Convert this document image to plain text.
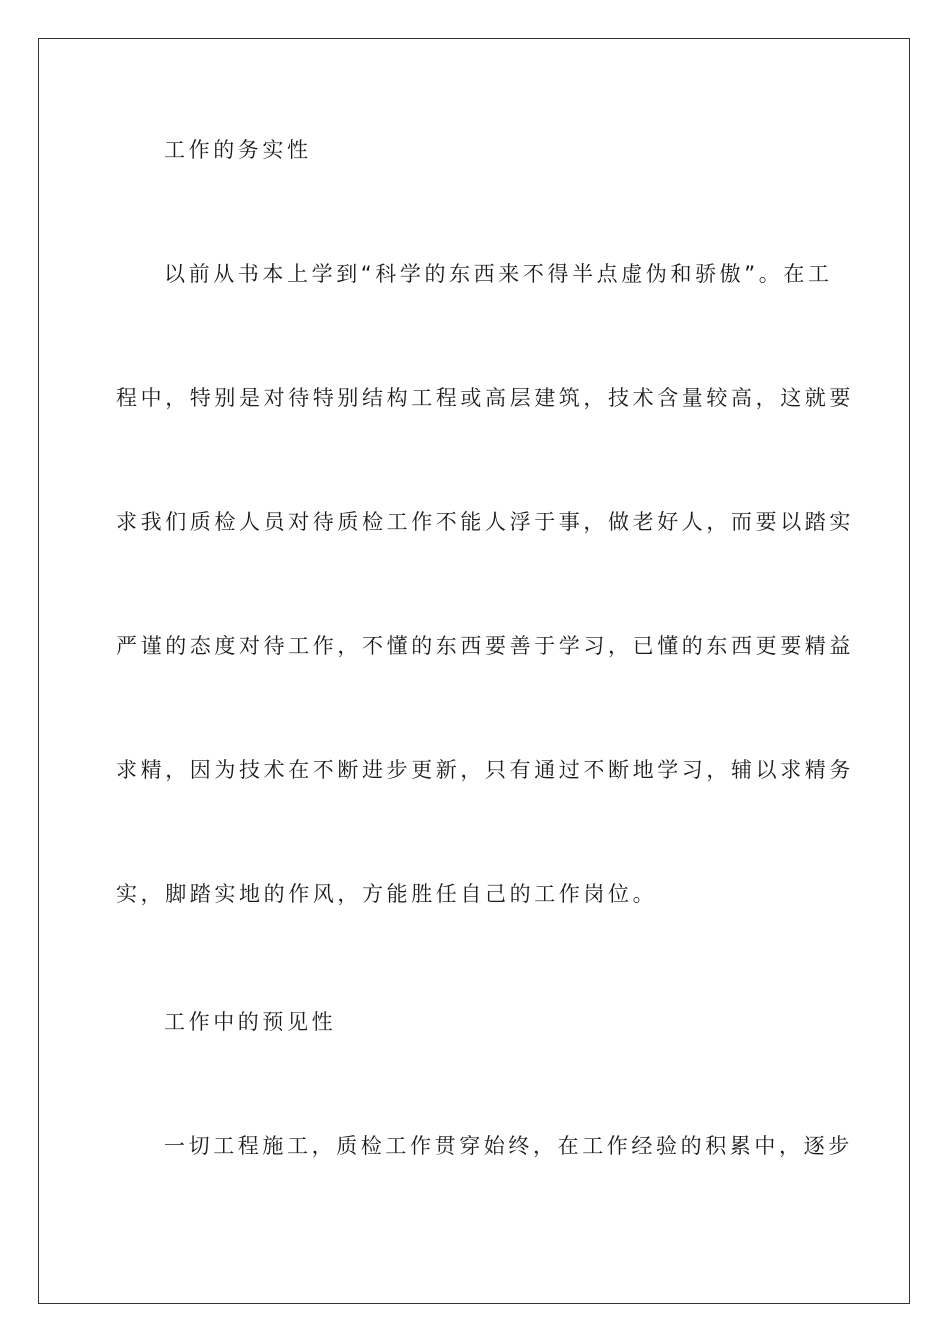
工作的务实性
以前从书本上学到“科学的东西来不得半点虚伪和骄傲”。在工
程中，特别是对待特别结构工程或高层建筑，技术含量较高，这就要
求我们质检人员对待质检工作不能人浮于事，做老好人，而要以踏实
严谨的态度对待工作，不懂的东西要善于学习，已懂的东西更要精益
求精，因为技术在不断进步更新，只有通过不断地学习，辅以求精务
实，脚踏实地的作风，方能胜任自己的工作岗位。
工作中的预见性
一切工程施工，质检工作贯穿始终，在工作经验的积累中，逐步
